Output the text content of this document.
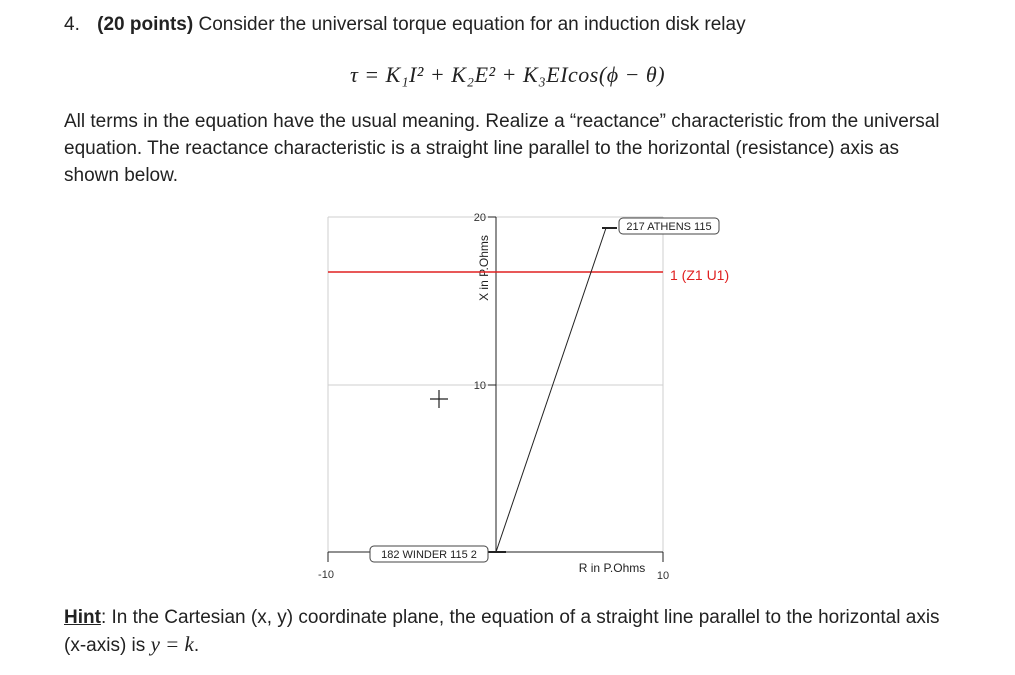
4. (20 points) Consider the universal torque equation for an induction disk relay
τ = K₁I² + K₂E² + K₃EIcos(ϕ − θ)
All terms in the equation have the usual meaning. Realize a “reactance” characteristic from the universal
equation. The reactance characteristic is a straight line parallel to the horizontal (resistance) axis as
shown below.
20
10
X in P.Ohms
-10	10
R in P.Ohms
1 (Z1 U1)
217 ATHENS 115
182 WINDER 115 2
Hint: In the Cartesian (x, y) coordinate plane, the equation of a straight line parallel to the horizontal axis
(x-axis) is y = k.
